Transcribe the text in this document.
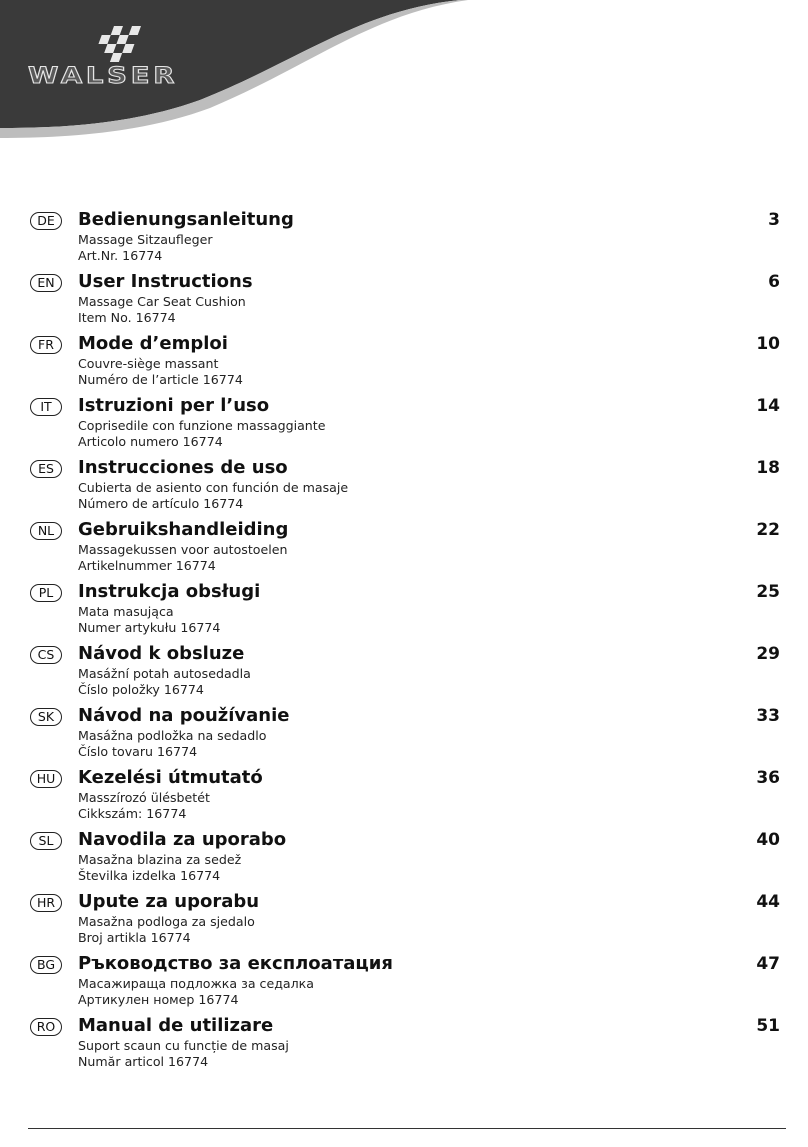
WALSER
DE	Bedienungsanleitung
Massage Sitzaufleger
Art.Nr. 16774
3
EN	User Instructions
Massage Car Seat Cushion
Item No. 16774
6
FR	Mode d’emploi
Couvre-siège massant
Numéro de l’article 16774
10
IT	Istruzioni per l’uso
Coprisedile con funzione massaggiante
Articolo numero 16774
14
ES	Instrucciones de uso
Cubierta de asiento con función de masaje
Número de artículo 16774
18
NL	Gebruikshandleiding
Massagekussen voor autostoelen
Artikelnummer 16774
22
PL	Instrukcja obsługi
Mata masująca
Numer artykułu 16774
25
CS	Návod k obsluze
Masážní potah autosedadla
Číslo položky 16774
29
SK	Návod na používanie
Masážna podložka na sedadlo
Číslo tovaru 16774
33
HU	Kezelési útmutató
Masszírozó ülésbetét
Cikkszám: 16774
36
SL	Navodila za uporabo
Masažna blazina za sedež
Številka izdelka 16774
40
HR	Upute za uporabu
Masažna podloga za sjedalo
Broj artikla 16774
44
BG	Ръководство за експлоатация
Масажираща подложка за седалка
Артикулен номер 16774
47
RO	Manual de utilizare
Suport scaun cu funcție de masaj
Număr articol 16774
51
